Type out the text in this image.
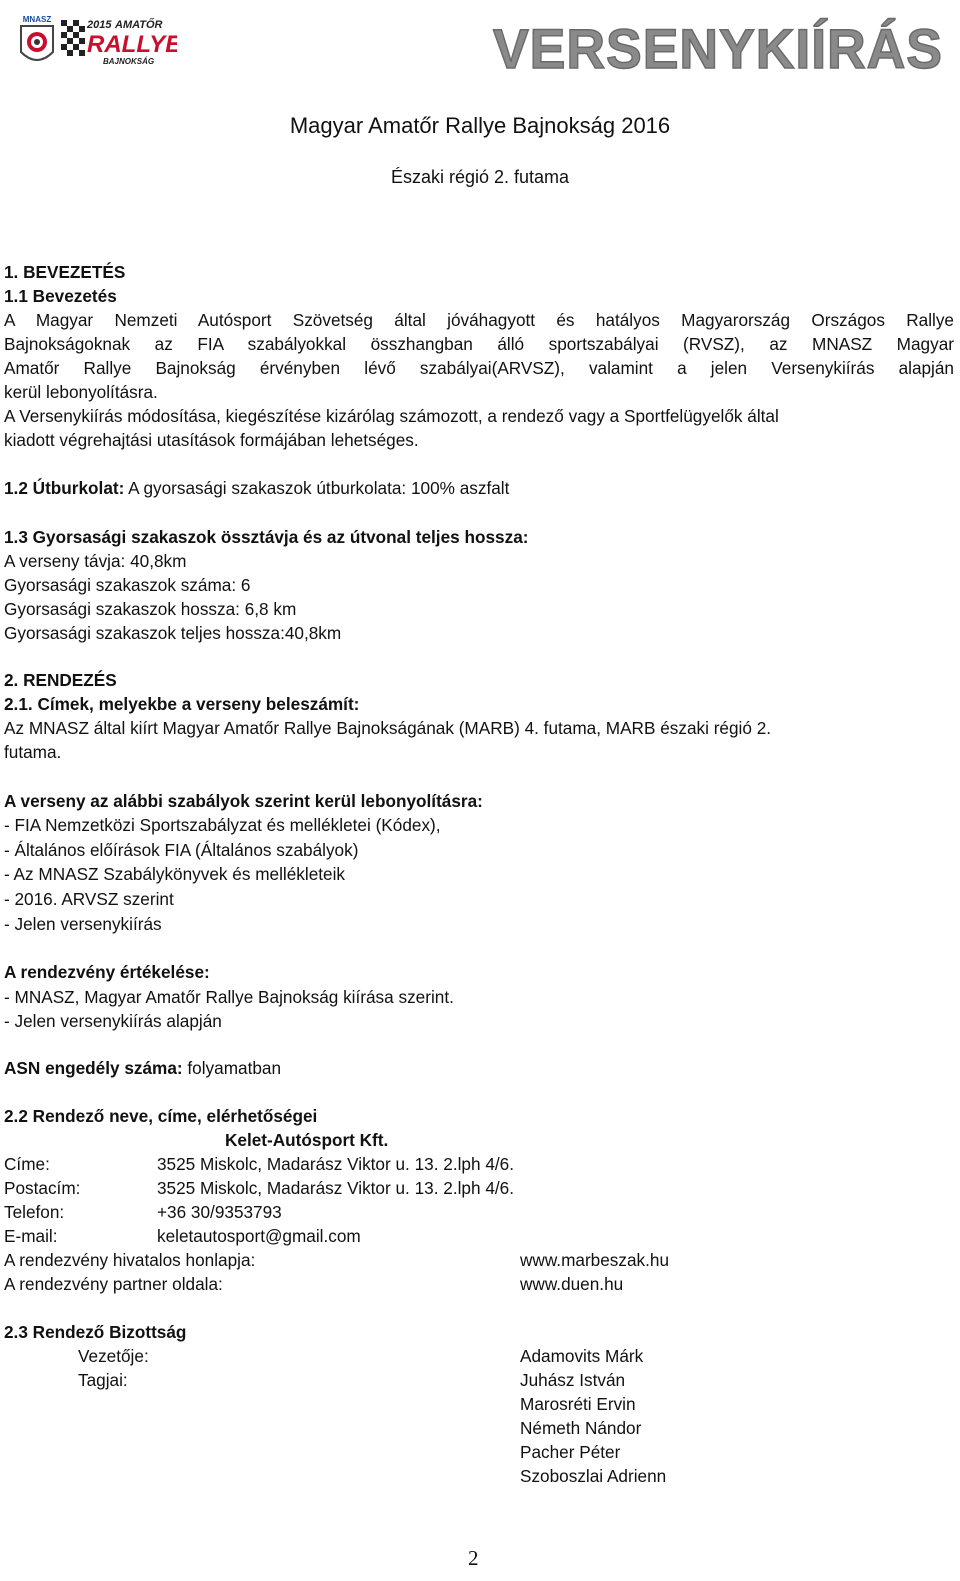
MNASZ	2015 AMATŐR
RALLYE
BAJNOKSÁG	VERSENYKIÍRÁS
Magyar Amatőr Rallye Bajnokság 2016
Északi régió 2. futama
1. BEVEZETÉS
1.1 Bevezetés
A Magyar Nemzeti Autósport Szövetség által jóváhagyott és hatályos Magyarország Országos Rallye
Bajnokságoknak az FIA szabályokkal összhangban álló sportszabályai (RVSZ), az MNASZ Magyar
Amatőr Rallye Bajnokság érvényben lévő szabályai(ARVSZ), valamint a jelen Versenykiírás alapján
kerül lebonyolításra.
A Versenykiírás módosítása, kiegészítése kizárólag számozott, a rendező vagy a Sportfelügyelők által
kiadott végrehajtási utasítások formájában lehetséges.
1.2 Útburkolat: A gyorsasági szakaszok útburkolata: 100% aszfalt
1.3 Gyorsasági szakaszok össztávja és az útvonal teljes hossza:
A verseny távja: 40,8km
Gyorsasági szakaszok száma: 6
Gyorsasági szakaszok hossza: 6,8 km
Gyorsasági szakaszok teljes hossza:40,8km
2. RENDEZÉS
2.1. Címek, melyekbe a verseny beleszámít:
Az MNASZ által kiírt Magyar Amatőr Rallye Bajnokságának (MARB) 4. futama, MARB északi régió 2.
futama.
A verseny az alábbi szabályok szerint kerül lebonyolításra:
- FIA Nemzetközi Sportszabályzat és mellékletei (Kódex),
- Általános előírások FIA (Általános szabályok)
- Az MNASZ Szabálykönyvek és mellékleteik
- 2016. ARVSZ szerint
- Jelen versenykiírás
A rendezvény értékelése:
- MNASZ, Magyar Amatőr Rallye Bajnokság kiírása szerint.
- Jelen versenykiírás alapján
ASN engedély száma: folyamatban
2.2 Rendező neve, címe, elérhetőségei
Kelet-Autósport Kft.
Címe:	3525 Miskolc, Madarász Viktor u. 13. 2.lph 4/6.
Postacím:	3525 Miskolc, Madarász Viktor u. 13. 2.lph 4/6.
Telefon:	+36 30/9353793
E-mail:	keletautosport@gmail.com
A rendezvény hivatalos honlapja:	www.marbeszak.hu
A rendezvény partner oldala:	www.duen.hu
2.3 Rendező Bizottság
Vezetője:	Adamovits Márk
Tagjai:	Juhász István
Marosréti Ervin
Németh Nándor
Pacher Péter
Szoboszlai Adrienn
2
